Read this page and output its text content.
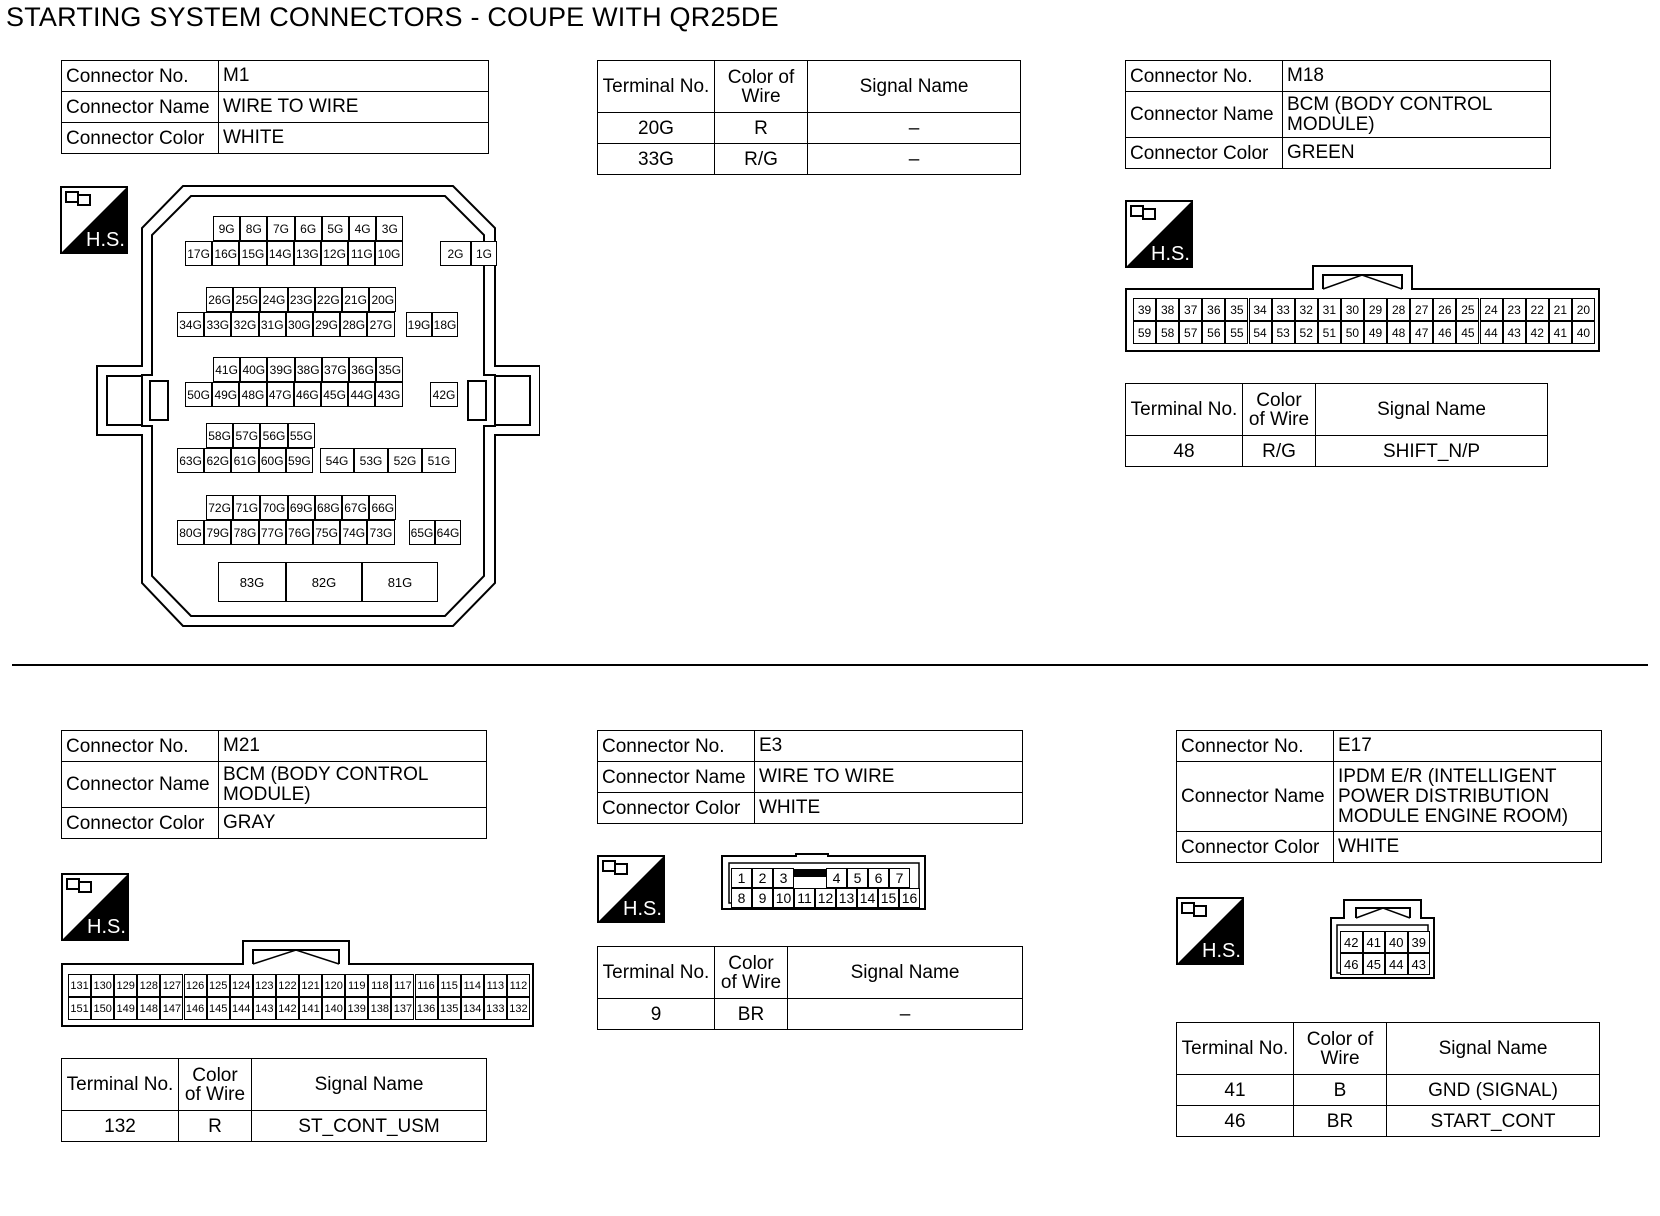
STARTING SYSTEM CONNECTORS - COUPE WITH QR25DE
Connector No.	M1
Connector Name	WIRE TO WIRE
Connector Color	WHITE
H.S.
9G 8G 7G 6G 5G 4G 3G
17G 16G 15G 14G 13G 12G 11G 10G	2G	1G
26G 25G 24G 23G 22G 21G 20G
34G 33G 32G 31G 30G 29G 28G 27G 19G 18G
41G 40G 39G 38G 37G 36G 35G
50G 49G 48G 47G 46G 45G 44G 43G	42G
58G 57G 56G 55G
63G 62G 61G 60G 59G	54G 53G 52G 51G
72G 71G 70G 69G 68G 67G 66G
80G 79G 78G 77G 76G 75G 74G 73G 65G 64G
83G	82G	81G
Terminal No.	Color of Wire	Signal Name
20G	R	–
33G	R/G	–
Connector No.	M18
Connector Name	BCM (BODY CONTROL MODULE)
Connector Color	GREEN
H.S.
39 38 37 36 35 34 33 32 31 30 29 28 27 26 25 24 23 22 21 20
59 58 57 56 55 54 53 52 51 50 49 48 47 46 45 44 43 42 41 40
Terminal No.	Color of Wire	Signal Name
48	R/G	SHIFT_N/P
Connector No.	M21
Connector Name	BCM (BODY CONTROL MODULE)
Connector Color	GRAY
H.S.
131 130 129 128 127 126 125 124 123 122 121 120 119 118 117 116 115 114 113 112
151 150 149 148 147 146 145 144 143 142 141 140 139 138 137 136 135 134 133 132
Terminal No.	Color of Wire	Signal Name
132	R	ST_CONT_USM
Connector No.	E3
Connector Name	WIRE TO WIRE
Connector Color	WHITE
H.S.
1 2 3	4 5 6 7
8 9 10 11 12 13 14 15 16
Terminal No.	Color of Wire	Signal Name
9	BR	–
Connector No.	E17
Connector Name	IPDM E/R (INTELLIGENT POWER DISTRIBUTION MODULE ENGINE ROOM)
Connector Color	WHITE
H.S.	42 41 40 39
46 45 44 43
Terminal No.	Color of Wire	Signal Name
41	B	GND (SIGNAL)
46	BR	START_CONT
